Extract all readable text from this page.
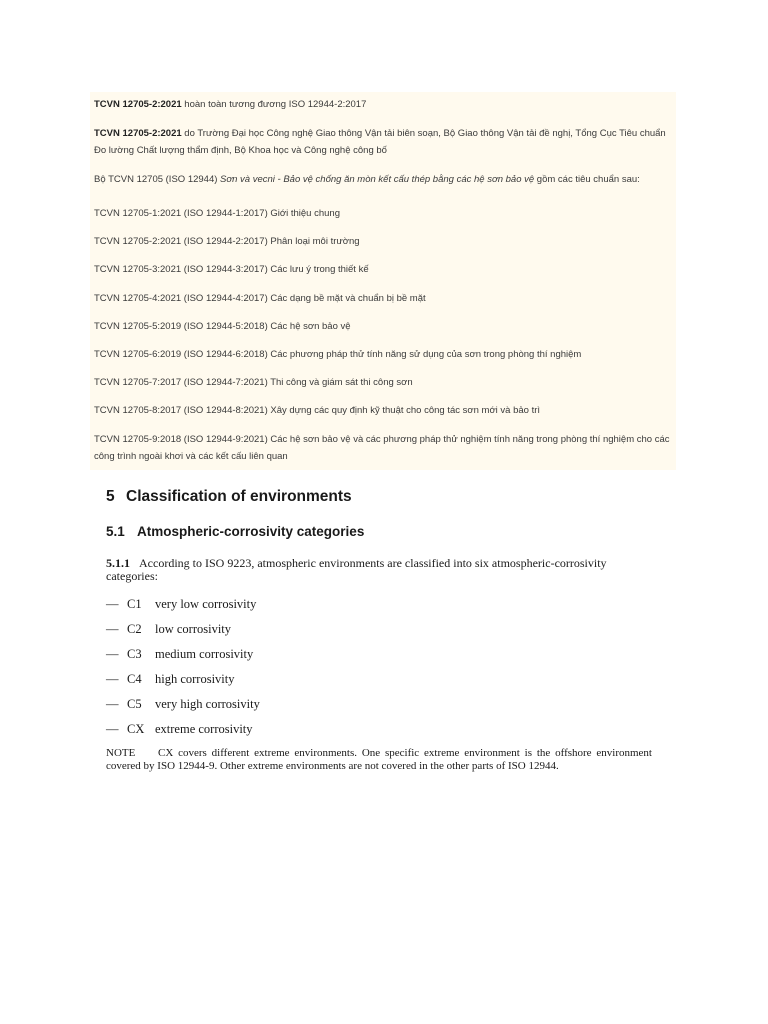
TCVN 12705-2:2021 hoàn toàn tương đương ISO 12944-2:2017

TCVN 12705-2:2021 do Trường Đại học Công nghệ Giao thông Vận tải biên soạn, Bộ Giao thông Vận tải đề nghị, Tổng Cục Tiêu chuẩn Đo lường Chất lượng thẩm định, Bộ Khoa học và Công nghệ công bố

Bộ TCVN 12705 (ISO 12944) Sơn và vecni - Bảo vệ chống ăn mòn kết cấu thép bằng các hệ sơn bảo vệ gồm các tiêu chuẩn sau:

TCVN 12705-1:2021 (ISO 12944-1:2017) Giới thiệu chung

TCVN 12705-2:2021 (ISO 12944-2:2017) Phân loại môi trường

TCVN 12705-3:2021 (ISO 12944-3:2017) Các lưu ý trong thiết kế

TCVN 12705-4:2021 (ISO 12944-4:2017) Các dạng bề mặt và chuẩn bị bề mặt

TCVN 12705-5:2019 (ISO 12944-5:2018) Các hệ sơn bảo vệ

TCVN 12705-6:2019 (ISO 12944-6:2018) Các phương pháp thử tính năng sử dụng của sơn trong phòng thí nghiệm

TCVN 12705-7:2017 (ISO 12944-7:2021) Thi công và giám sát thi công sơn

TCVN 12705-8:2017 (ISO 12944-8:2021) Xây dựng các quy định kỹ thuật cho công tác sơn mới và bảo trì

TCVN 12705-9:2018 (ISO 12944-9:2021) Các hệ sơn bảo vệ và các phương pháp thử nghiệm tính năng trong phòng thí nghiệm cho các công trình ngoài khơi và các kết cấu liên quan

5 Classification of environments
5.1 Atmospheric-corrosivity categories

5.1.1 According to ISO 9223, atmospheric environments are classified into six atmospheric-corrosivity categories:

— C1 very low corrosivity
— C2 low corrosivity
— C3 medium corrosivity
— C4 high corrosivity
— C5 very high corrosivity
— CX extreme corrosivity

NOTE CX covers different extreme environments. One specific extreme environment is the offshore environment covered by ISO 12944-9. Other extreme environments are not covered in the other parts of ISO 12944.
